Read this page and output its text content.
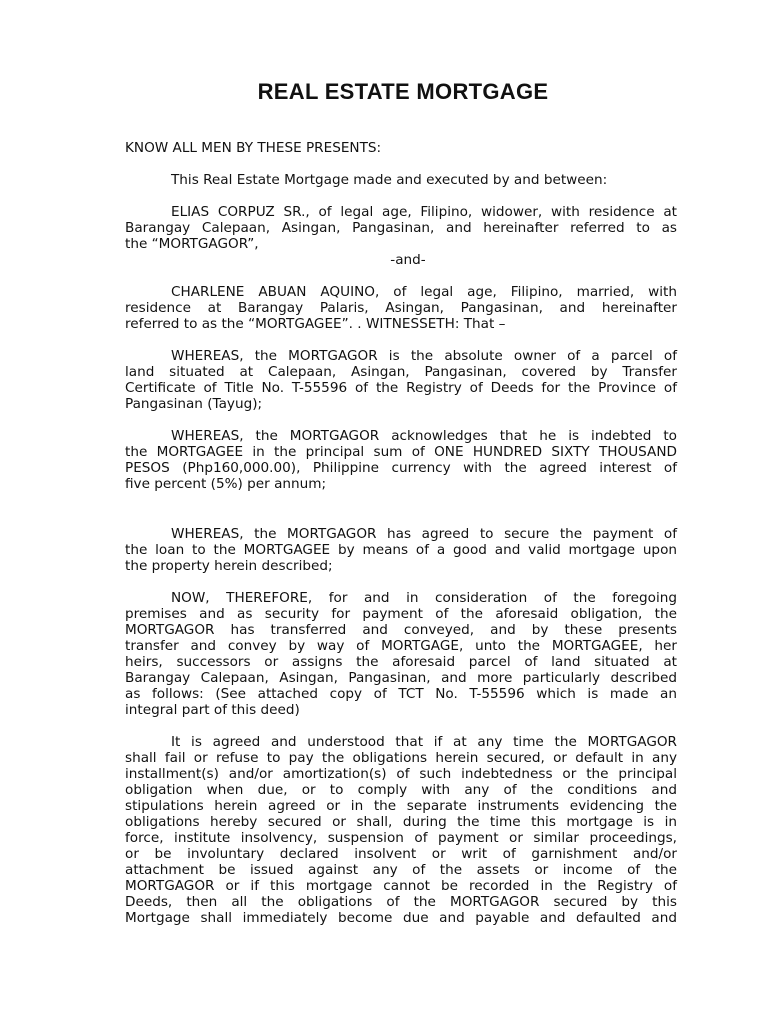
REAL ESTATE MORTGAGE
KNOW ALL MEN BY THESE PRESENTS:
This Real Estate Mortgage made and executed by and between:
ELIAS CORPUZ SR., of legal age, Filipino, widower, with residence at
Barangay Calepaan, Asingan, Pangasinan, and hereinafter referred to as
the “MORTGAGOR”,
-and-
CHARLENE ABUAN AQUINO, of legal age, Filipino, married, with
residence at Barangay Palaris, Asingan, Pangasinan, and hereinafter
referred to as the “MORTGAGEE”. . WITNESSETH: That –
WHEREAS, the MORTGAGOR is the absolute owner of a parcel of
land situated at Calepaan, Asingan, Pangasinan, covered by Transfer
Certificate of Title No. T-55596 of the Registry of Deeds for the Province of
Pangasinan (Tayug);
WHEREAS, the MORTGAGOR acknowledges that he is indebted to
the MORTGAGEE in the principal sum of ONE HUNDRED SIXTY THOUSAND
PESOS (Php160,000.00), Philippine currency with the agreed interest of
five percent (5%) per annum;
WHEREAS, the MORTGAGOR has agreed to secure the payment of
the loan to the MORTGAGEE by means of a good and valid mortgage upon
the property herein described;
NOW, THEREFORE, for and in consideration of the foregoing
premises and as security for payment of the aforesaid obligation, the
MORTGAGOR has transferred and conveyed, and by these presents
transfer and convey by way of MORTGAGE, unto the MORTGAGEE, her
heirs, successors or assigns the aforesaid parcel of land situated at
Barangay Calepaan, Asingan, Pangasinan, and more particularly described
as follows: (See attached copy of TCT No. T-55596 which is made an
integral part of this deed)
It is agreed and understood that if at any time the MORTGAGOR
shall fail or refuse to pay the obligations herein secured, or default in any
installment(s) and/or amortization(s) of such indebtedness or the principal
obligation when due, or to comply with any of the conditions and
stipulations herein agreed or in the separate instruments evidencing the
obligations hereby secured or shall, during the time this mortgage is in
force, institute insolvency, suspension of payment or similar proceedings,
or be involuntary declared insolvent or writ of garnishment and/or
attachment be issued against any of the assets or income of the
MORTGAGOR or if this mortgage cannot be recorded in the Registry of
Deeds, then all the obligations of the MORTGAGOR secured by this
Mortgage shall immediately become due and payable and defaulted and
